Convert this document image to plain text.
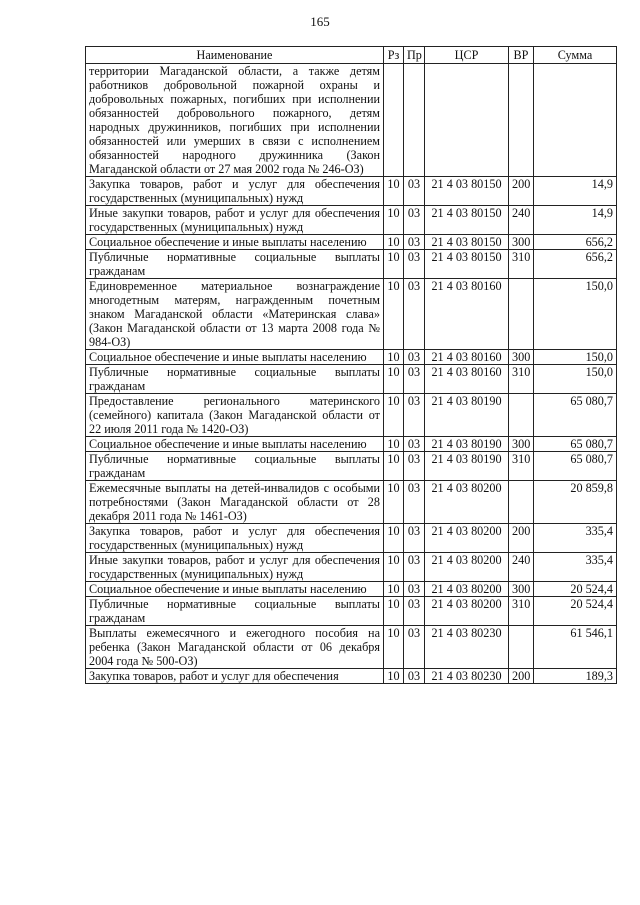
165
Наименование	Рз	Пр	ЦСР	ВР	Сумма
территории Магаданской области, а также детям работников добровольной пожарной охраны и добровольных пожарных, погибших при исполнении обязанностей добровольного пожарного, детям народных дружинников, погибших при исполнении обязанностей или умерших в связи с исполнением обязанностей народного дружинника (Закон Магаданской области от 27 мая 2002 года № 246-ОЗ)					
Закупка товаров, работ и услуг для обеспечения государственных (муниципальных) нужд	10	03	21 4 03 80150	200	14,9
Иные закупки товаров, работ и услуг для обеспечения государственных (муниципальных) нужд	10	03	21 4 03 80150	240	14,9
Социальное обеспечение и иные выплаты населению	10	03	21 4 03 80150	300	656,2
Публичные нормативные социальные выплаты гражданам	10	03	21 4 03 80150	310	656,2
Единовременное материальное вознаграждение многодетным матерям, награжденным почетным знаком Магаданской области «Материнская слава» (Закон Магаданской области от 13 марта 2008 года № 984-ОЗ)	10	03	21 4 03 80160		150,0
Социальное обеспечение и иные выплаты населению	10	03	21 4 03 80160	300	150,0
Публичные нормативные социальные выплаты гражданам	10	03	21 4 03 80160	310	150,0
Предоставление регионального материнского (семейного) капитала (Закон Магаданской области от 22 июля 2011 года № 1420-ОЗ)	10	03	21 4 03 80190		65 080,7
Социальное обеспечение и иные выплаты населению	10	03	21 4 03 80190	300	65 080,7
Публичные нормативные социальные выплаты гражданам	10	03	21 4 03 80190	310	65 080,7
Ежемесячные выплаты на детей-инвалидов с особыми потребностями (Закон Магаданской области от 28 декабря 2011 года № 1461-ОЗ)	10	03	21 4 03 80200		20 859,8
Закупка товаров, работ и услуг для обеспечения государственных (муниципальных) нужд	10	03	21 4 03 80200	200	335,4
Иные закупки товаров, работ и услуг для обеспечения государственных (муниципальных) нужд	10	03	21 4 03 80200	240	335,4
Социальное обеспечение и иные выплаты населению	10	03	21 4 03 80200	300	20 524,4
Публичные нормативные социальные выплаты гражданам	10	03	21 4 03 80200	310	20 524,4
Выплаты ежемесячного и ежегодного пособия на ребенка (Закон Магаданской области от 06 декабря 2004 года № 500-ОЗ)	10	03	21 4 03 80230		61 546,1
Закупка товаров, работ и услуг для обеспечения	10	03	21 4 03 80230	200	189,3
